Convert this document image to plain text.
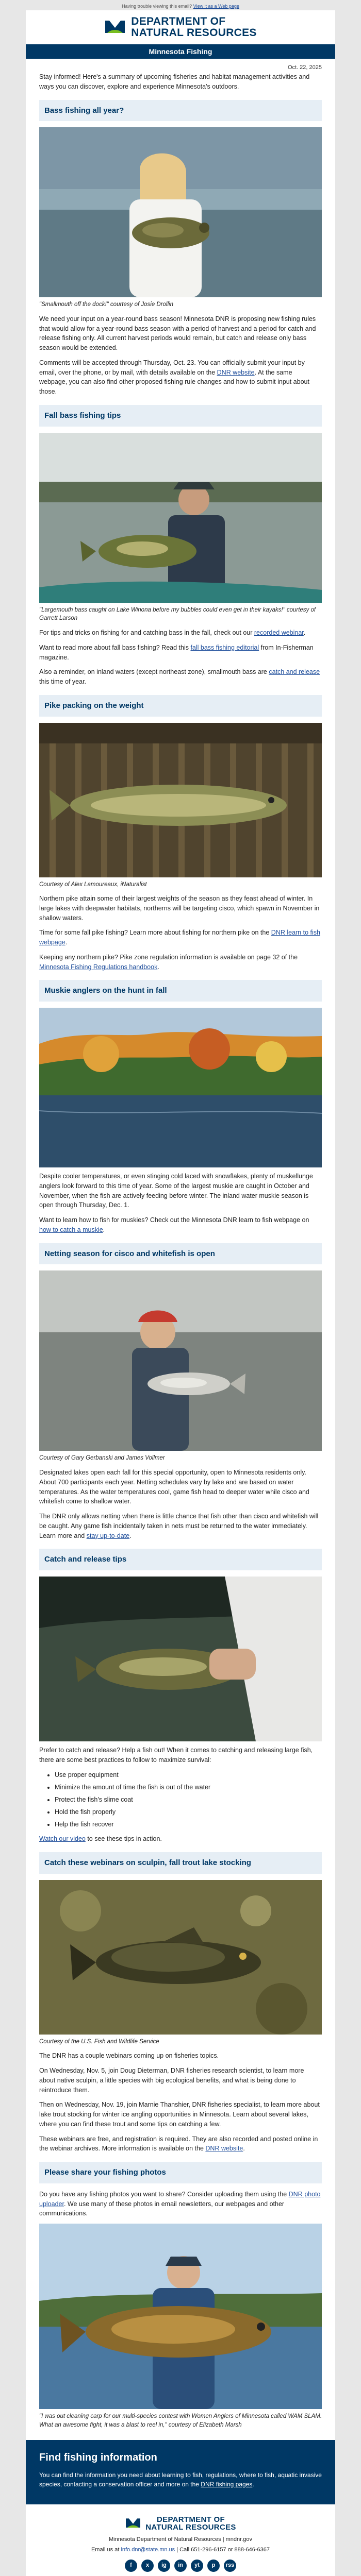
Having trouble viewing this email? View it as a Web page
DEPARTMENT OF
NATURAL RESOURCES
Minnesota Fishing
Oct. 22, 2025

Stay informed! Here's a summary of upcoming fisheries and habitat management activities and ways you can discover, explore and experience Minnesota's outdoors.

Bass fishing all year?
"Smallmouth off the dock!" courtesy of Josie Drollin

We need your input on a year-round bass season! Minnesota DNR is proposing new fishing rules that would allow for a year-round bass season with a period of harvest and a period for catch and release fishing only. All current harvest periods would remain, but catch and release only bass season would be extended.

Comments will be accepted through Thursday, Oct. 23. You can officially submit your input by email, over the phone, or by mail, with details available on the DNR website. At the same webpage, you can also find other proposed fishing rule changes and how to submit input about those.

Fall bass fishing tips
"Largemouth bass caught on Lake Winona before my bubbles could even get in their kayaks!" courtesy of Garrett Larson

For tips and tricks on fishing for and catching bass in the fall, check out our recorded webinar.

Want to read more about fall bass fishing? Read this fall bass fishing editorial from In-Fisherman magazine.

Also a reminder, on inland waters (except northeast zone), smallmouth bass are catch and release this time of year.

Pike packing on the weight
Courtesy of Alex Lamoureaux, iNaturalist

Northern pike attain some of their largest weights of the season as they feast ahead of winter. In large lakes with deepwater habitats, northerns will be targeting cisco, which spawn in November in shallow waters.

Time for some fall pike fishing? Learn more about fishing for northern pike on the DNR learn to fish webpage.

Keeping any northern pike? Pike zone regulation information is available on page 32 of the Minnesota Fishing Regulations handbook.

Muskie anglers on the hunt in fall

Despite cooler temperatures, or even stinging cold laced with snowflakes, plenty of muskellunge anglers look forward to this time of year. Some of the largest muskie are caught in October and November, when the fish are actively feeding before winter. The inland water muskie season is open through Thursday, Dec. 1.

Want to learn how to fish for muskies? Check out the Minnesota DNR learn to fish webpage on how to catch a muskie.

Netting season for cisco and whitefish is open
Courtesy of Gary Gerbanski and James Vollmer

Designated lakes open each fall for this special opportunity, open to Minnesota residents only. About 700 participants each year. Netting schedules vary by lake and are based on water temperatures. As the water temperatures cool, game fish head to deeper water while cisco and whitefish come to shallow water.

The DNR only allows netting when there is little chance that fish other than cisco and whitefish will be caught. Any game fish incidentally taken in nets must be returned to the water immediately. Learn more and stay up-to-date.

Catch and release tips

Prefer to catch and release? Help a fish out! When it comes to catching and releasing large fish, there are some best practices to follow to maximize survival:

• Use proper equipment
• Minimize the amount of time the fish is out of the water
• Protect the fish's slime coat
• Hold the fish properly
• Help the fish recover

Watch our video to see these tips in action.

Catch these webinars on sculpin, fall trout lake stocking
Courtesy of the U.S. Fish and Wildlife Service

The DNR has a couple webinars coming up on fisheries topics.

On Wednesday, Nov. 5, join Doug Dieterman, DNR fisheries research scientist, to learn more about native sculpin, a little species with big ecological benefits, and what is being done to reintroduce them.

Then on Wednesday, Nov. 19, join Marnie Thanshier, DNR fisheries specialist, to learn more about lake trout stocking for winter ice angling opportunities in Minnesota. Learn about several lakes, where you can find these trout and some tips on catching a few.

These webinars are free, and registration is required. They are also recorded and posted online in the webinar archives. More information is available on the DNR website.

Please share your fishing photos

Do you have any fishing photos you want to share? Consider uploading them using the DNR photo uploader. We use many of these photos in email newsletters, our webpages and other communications.

"I was out cleaning carp for our multi-species contest with Women Anglers of Minnesota called WAM SLAM. What an awesome fight, it was a blast to reel in," courtesy of Elizabeth Marsh
Find fishing information

You can find the information you need about learning to fish, regulations, where to fish, aquatic invasive species, contacting a conservation officer and more on the DNR fishing pages.

DEPARTMENT OF
NATURAL RESOURCES
Minnesota Department of Natural Resources | mndnr.gov
Email us at info.dnr@state.mn.us | Call 651-296-6157 or 888-646-6367
f	x	ig	in	yt	p	rss
